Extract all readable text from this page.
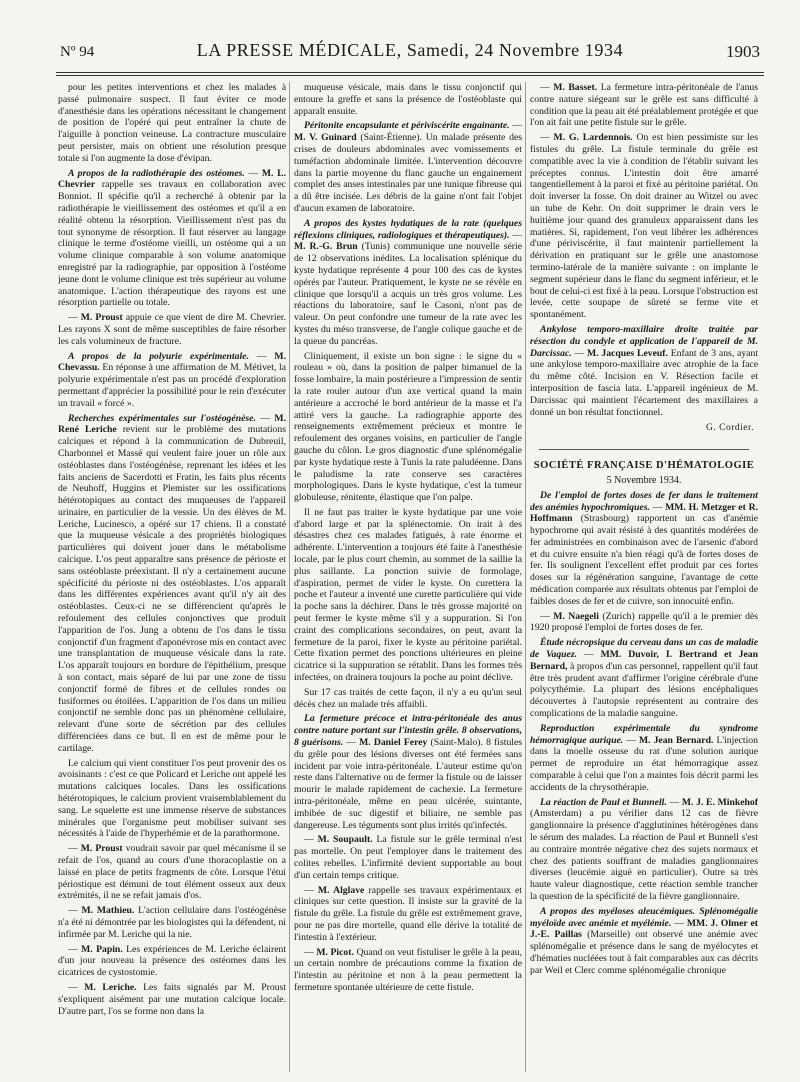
Nº 94	LA PRESSE MÉDICALE, Samedi, 24 Novembre 1934	1903

pour les petites interventions et chez les malades à passé pulmonaire suspect. Il faut éviter ce mode d'anesthésie dans les opérations nécessitant le changement de position de l'opéré qui peut entraîner la chute de l'aiguille à ponction veineuse. La contracture musculaire peut persister, mais on obtient une résolution presque totale si l'on augmente la dose d'évipan.

A propos de la radiothérapie des ostéomes. — M. L. Chevrier rappelle ses travaux en collaboration avec Bonniot. Il spécifie qu'il a recherché à obtenir par la radiothérapie le vieillissement des ostéomes et qu'il a en réalité obtenu la résorption. Vieillissement n'est pas du tout synonyme de résorption. Il faut réserver au langage clinique le terme d'ostéome vieilli, un ostéome qui a un volume clinique comparable à son volume anatomique enregistré par la radiographie, par opposition à l'ostéome jeune dont le volume clinique est très supérieur au volume anatomique. L'action thérapeutique des rayons est une résorption partielle ou totale.

— M. Proust appuie ce que vient de dire M. Chevrier. Les rayons X sont de même susceptibles de faire résorber les cals volumineux de fracture.

A propos de la polyurie expérimentale. — M. Chevassu. En réponse à une affirmation de M. Métivet, la polyurie expérimentale n'est pas un procédé d'exploration permettant d'apprécier la possibilité pour le rein d'exécuter un travail « forcé ».

Recherches expérimentales sur l'ostéogénèse. — M. René Leriche revient sur le problème des mutations calciques et répond à la communication de Dubreuil, Charbonnel et Massé qui veulent faire jouer un rôle aux ostéoblastes dans l'ostéogénèse, reprenant les idées et les faits anciens de Sacerdotti et Fratin, les faits plus récents de Neuhoff, Huggins et Plemister sur les ossifications hétérotopiques au contact des muqueuses de l'appareil urinaire, en particulier de la vessie. Un des élèves de M. Leriche, Lucinesco, a opéré sur 17 chiens. Il a constaté que la muqueuse vésicale a des propriétés biologiques particulières qui doivent jouer dans le métabolisme calcique. L'os peut apparaître sans présence de périoste et sans ostéoblaste préexistant. Il n'y a certainement aucune spécificité du périoste ni des ostéoblastes. L'os apparaît dans les différentes expériences avant qu'il n'y ait des ostéoblastes. Ceux-ci ne se différencient qu'après le refoulement des cellules conjonctives que produit l'apparition de l'os. Jung a obtenu de l'os dans le tissu conjonctif d'un fragment d'aponévrose mis en contact avec une transplantation de muqueuse vésicale dans la rate. L'os apparaît toujours en bordure de l'épithélium, presque à son contact, mais séparé de lui par une zone de tissu conjonctif formé de fibres et de cellules rondes ou fusiformes ou étoilées. L'apparition de l'os dans un milieu conjonctif ne semble donc pas un phénomène cellulaire, relevant d'une sorte de sécrétion par des cellules différenciées dans ce but. Il en est de même pour le cartilage.

Le calcium qui vient constituer l'os peut provenir des os avoisinants : c'est ce que Policard et Leriche ont appelé les mutations calciques locales. Dans les ossifications hétérotopiques, le calcium provient vraisemblablement du sang. Le squelette est une immense réserve de substances minérales que l'organisme peut mobiliser suivant ses nécessités à l'aide de l'hyperhémie et de la parathormone.

— M. Proust voudrait savoir par quel mécanisme il se refait de l'os, quand au cours d'une thoracoplastie on a laissé en place de petits fragments de côte. Lorsque l'étui périostique est démuni de tout élément osseux aux deux extrémités, il ne se refait jamais d'os.

— M. Mathieu. L'action cellulaire dans l'ostéogénèse n'a été ni démontrée par les biologistes qui la défendent, ni infirmée par M. Leriche qui la nie.

— M. Papin. Les expériences de M. Leriche éclairent d'un jour nouveau la présence des ostéomes dans les cicatrices de cystostomie.

— M. Leriche. Les faits signalés par M. Proust s'expliquent aisément par une mutation calcique locale. D'autre part, l'os se forme non dans la

muqueuse vésicale, mais dans le tissu conjonctif qui entoure la greffe et sans la présence de l'ostéoblaste qui apparaît ensuite.

Péritonite encapsulante et périviscérite engainante. — M. V. Guinard (Saint-Étienne). Un malade présente des crises de douleurs abdominales avec vomissements et tuméfaction abdominale limitée. L'intervention découvre dans la partie moyenne du flanc gauche un engainement complet des anses intestinales par une tunique fibreuse qui a dû être incisée. Les débris de la gaine n'ont fait l'objet d'aucun examen de laboratoire.

A propos des kystes hydatiques de la rate (quelques réflexions cliniques, radiologiques et thérapeutiques). — M. R.-G. Brun (Tunis) communique une nouvelle série de 12 observations inédites. La localisation splénique du kyste hydatique représente 4 pour 100 des cas de kystes opérés par l'auteur. Pratiquement, le kyste ne se révèle en clinique que lorsqu'il a acquis un très gros volume. Les réactions du laboratoire, sauf le Casoni, n'ont pas de valeur. On peut confondre une tumeur de la rate avec les kystes du méso transverse, de l'angle colique gauche et de la queue du pancréas.

Cliniquement, il existe un bon signe : le signe du « rouleau » où, dans la position de palper bimanuel de la fosse lombaire, la main postérieure a l'impression de sentir la rate rouler autour d'un axe vertical quand la main antérieure a accroché le bord antérieur de la masse et l'a attiré vers la gauche. La radiographie apporte des renseignements extrêmement précieux et montre le refoulement des organes voisins, en particulier de l'angle gauche du côlon. Le gros diagnostic d'une splénomégalie par kyste hydatique reste à Tunis la rate paludéenne. Dans le paludisme la rate conserve ses caractères morphologiques. Dans le kyste hydatique, c'est la tumeur globuleuse, rénitente, élastique que l'on palpe.

Il ne faut pas traiter le kyste hydatique par une voie d'abord large et par la splénectomie. On irait à des désastres chez ces malades fatigués, à rate énorme et adhérente. L'intervention a toujours été faite à l'anesthésie locale, par le plus court chemin, au sommet de la saillie la plus saillante. La ponction suivie de formolage, d'aspiration, permet de vider le kyste. On curettera la poche et l'auteur a inventé une curette particulière qui vide la poche sans la déchirer. Dans le très grosse majorité on peut fermer le kyste même s'il y a suppuration. Si l'on craint des complications secondaires, on peut, avant la fermeture de la paroi, fixer le kyste au péritoine pariétal. Cette fixation permet des ponctions ultérieures en pleine cicatrice si la suppuration se rétablit. Dans les formes très infectées, on drainera toujours la poche au point déclive.

Sur 17 cas traités de cette façon, il n'y a eu qu'un seul décès chez un malade très affaibli.

La fermeture précoce et intra-péritonéale des anus contre nature portant sur l'intestin grêle. 8 observations, 8 guérisons. — M. Daniel Ferey (Saint-Malo). 8 fistules du grêle pour des lésions diverses ont été fermées sans incident par voie intra-péritonéale. L'auteur estime qu'on reste dans l'alternative ou de fermer la fistule ou de laisser mourir le malade rapidement de cachexie. La fermeture intra-péritonéale, même en peau ulcérée, suintante, imbibée de suc digestif et biliaire, ne semble pas dangereuse. Les téguments sont plus irrités qu'infectés.

— M. Soupault. La fistule sur le grêle terminal n'est pas mortelle. On peut l'employer dans le traitement des colites rebelles. L'infirmité devient supportable au bout d'un certain temps critique.

— M. Alglave rappelle ses travaux expérimentaux et cliniques sur cette question. Il insiste sur la gravité de la fistule du grêle. La fistule du grêle est extrêmement grave, pour ne pas dire mortelle, quand elle dérive la totalité de l'intestin à l'extérieur.

— M. Picot. Quand on veut fistuliser le grêle à la peau, un certain nombre de précautions comme la fixation de l'intestin au péritoine et non à la peau permettent la fermeture spontanée ultérieure de cette fistule.

— M. Basset. La fermeture intra-péritonéale de l'anus contre nature siégeant sur le grêle est sans difficulté à condition que la peau ait été préalablement protégée et que l'on ait fait une petite fistule sur le grêle.

— M. G. Lardennois. On est bien pessimiste sur les fistules du grêle. La fistule terminale du grêle est compatible avec la vie à condition de l'établir suivant les préceptes connus. L'intestin doit être amarré tangentiellement à la paroi et fixé au péritoine pariétal. On doit inverser la fosse. On doit drainer au Witzel ou avec un tube de Kehr. On doit supprimer le drain vers le huitième jour quand des granuleux apparaissent dans les matières. Si, rapidement, l'on veut libérer les adhérences d'une périviscérite, il faut maintenir partiellement la dérivation en pratiquant sur le grêle une anastomose termino-latérale de la manière suivante : on implante le segment supérieur dans le flanc du segment inférieur, et le bout de celui-ci est fixé à la peau. Lorsque l'obstruction est levée, cette soupape de sûreté se ferme vite et spontanément.

Ankylose temporo-maxillaire droite traitée par résection du condyle et application de l'appareil de M. Darcissac. — M. Jacques Leveuf. Enfant de 3 ans, ayant une ankylose temporo-maxillaire avec atrophie de la face du même côté. Incision en V. Résection facile et interposition de fascia lata. L'appareil ingénieux de M. Darcissac qui maintient l'écartement des maxillaires a donné un bon résultat fonctionnel.

G. Cordier.
SOCIÉTÉ FRANÇAISE D'HÉMATOLOGIE
5 Novembre 1934.

De l'emploi de fortes doses de fer dans le traitement des anémies hypochromiques. — MM. H. Metzger et R. Hoffmann (Strasbourg) rapportent un cas d'anémie hypochrome qui avait résisté à des quantités modérées de fer administrées en combinaison avec de l'arsenic d'abord et du cuivre ensuite n'a bien réagi qu'à de fortes doses de fer. Ils soulignent l'excellent effet produit par ces fortes doses sur la régénération sanguine, l'avantage de cette médication comparée aux résultats obtenus par l'emploi de faibles doses de fer et de cuivre, son innocuité enfin.

— M. Naegeli (Zurich) rappelle qu'il a le premier dès 1920 proposé l'emploi de fortes doses de fer.

Étude nécropsique du cerveau dans un cas de maladie de Vaquez. — MM. Duvoir, I. Bertrand et Jean Bernard, à propos d'un cas personnel, rappellent qu'il faut être très prudent avant d'affirmer l'origine cérébrale d'une polycythémie. La plupart des lésions encéphaliques découvertes à l'autopsie représentent au contraire des complications de la maladie sanguine.

Reproduction expérimentale du syndrome hémorragique aurique. — M. Jean Bernard. L'injection dans la moelle osseuse du rat d'une solution aurique permet de reproduire un état hémorragique assez comparable à celui que l'on a maintes fois décrit parmi les accidents de la chrysothérapie.

La réaction de Paul et Bunnell. — M. J. E. Minkehof (Amsterdam) a pu vérifier dans 12 cas de fièvre ganglionnaire la présence d'agglutinines hétérogènes dans le sérum des malades. La réaction de Paul et Bunnell s'est au contraire montrée négative chez des sujets normaux et chez des patients souffrant de maladies ganglionnaires diverses (leucémie aiguë en particulier). Outre sa très haute valeur diagnostique, cette réaction semble trancher la question de la spécificité de la fièvre ganglionnaire.

A propos des myéloses aleucémiques. Splénomégalie myéloïde avec anémie et myélémie. — MM. J. Olmer et J.-E. Paillas (Marseille) ont observé une anémie avec splénomégalie et présence dans le sang de myélocytes et d'hématies nucléées tout à fait comparables aux cas décrits par Weil et Clerc comme splénomégalie chronique
